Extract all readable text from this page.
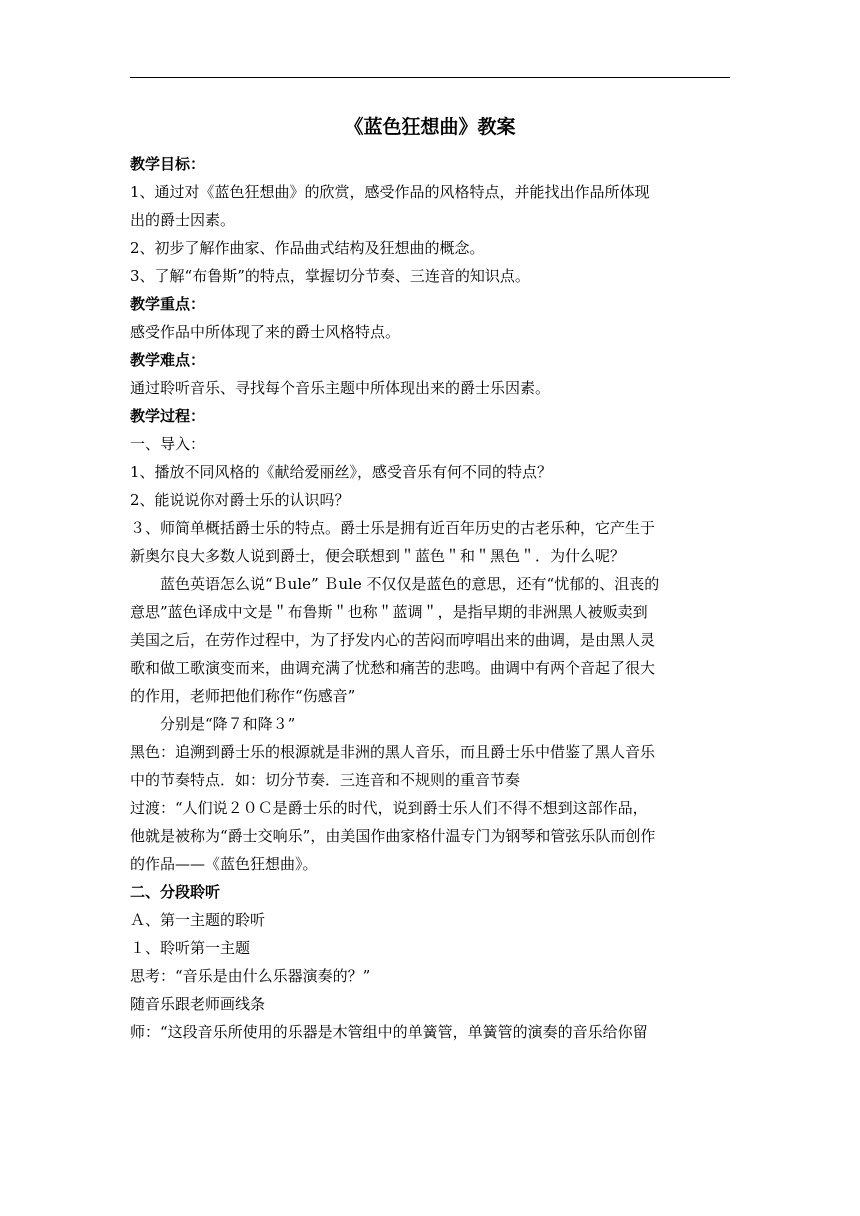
《蓝色狂想曲》教案

教学目标：

1、通过对《蓝色狂想曲》的欣赏，感受作品的风格特点，并能找出作品所体现

出的爵士因素。

2、初步了解作曲家、作品曲式结构及狂想曲的概念。

3、了解“布鲁斯”的特点，掌握切分节奏、三连音的知识点。

教学重点：

感受作品中所体现了来的爵士风格特点。

教学难点：

通过聆听音乐、寻找每个音乐主题中所体现出来的爵士乐因素。

教学过程：

一、导入：

1、播放不同风格的《献给爱丽丝》，感受音乐有何不同的特点？

2、能说说你对爵士乐的认识吗？

３、师简单概括爵士乐的特点。爵士乐是拥有近百年历史的古老乐种，它产生于

新奥尔良大多数人说到爵士，便会联想到＂蓝色＂和＂黑色＂．为什么呢？

蓝色英语怎么说“Ｂule” Ｂule 不仅仅是蓝色的意思，还有“忧郁的、沮丧的

意思”蓝色译成中文是＂布鲁斯＂也称＂蓝调＂，是指早期的非洲黑人被贩卖到

美国之后，在劳作过程中，为了抒发内心的苦闷而哼唱出来的曲调，是由黑人灵

歌和做工歌演变而来，曲调充满了忧愁和痛苦的悲鸣。曲调中有两个音起了很大

的作用，老师把他们称作“伤感音”

分别是“降７和降３”

黑色：追溯到爵士乐的根源就是非洲的黑人音乐，而且爵士乐中借鉴了黑人音乐

中的节奏特点．如：切分节奏．三连音和不规则的重音节奏

过渡：“人们说２０Ｃ是爵士乐的时代，说到爵士乐人们不得不想到这部作品，

他就是被称为“爵士交响乐”，由美国作曲家格什温专门为钢琴和管弦乐队而创作

的作品——《蓝色狂想曲》。

二、分段聆听

Ａ、第一主题的聆听

１、聆听第一主题

思考：“音乐是由什么乐器演奏的？”

随音乐跟老师画线条

师：“这段音乐所使用的乐器是木管组中的单簧管，单簧管的演奏的音乐给你留
